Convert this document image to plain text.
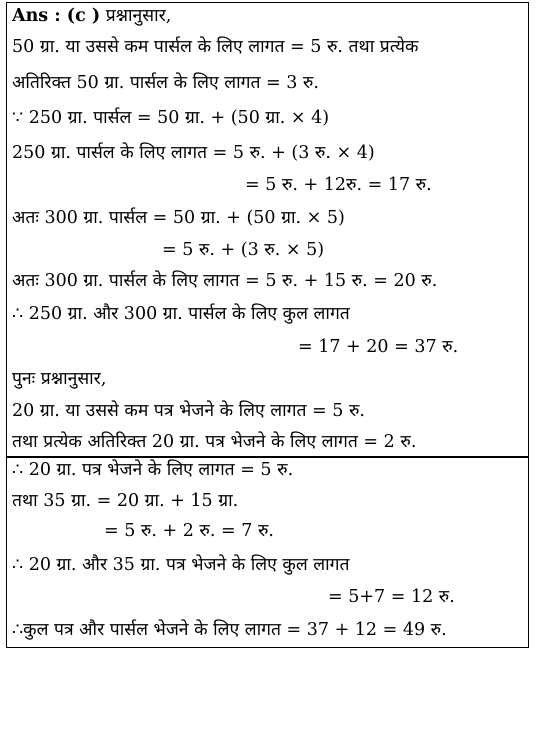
Ans : (c ) प्रश्नानुसार,
50 ग्रा. या उससे कम पार्सल के लिए लागत = 5 रु. तथा प्रत्येक
अतिरिक्त 50 ग्रा. पार्सल के लिए लागत = 3 रु.
∵ 250 ग्रा. पार्सल = 50 ग्रा. + (50 ग्रा. × 4)
250 ग्रा. पार्सल के लिए लागत = 5 रु. + (3 रु. × 4)
= 5 रु. + 12रु. = 17 रु.
अतः 300 ग्रा. पार्सल = 50 ग्रा. + (50 ग्रा. × 5)
= 5 रु. + (3 रु. × 5)
अतः 300 ग्रा. पार्सल के लिए लागत = 5 रु. + 15 रु. = 20 रु.
∴ 250 ग्रा. और 300 ग्रा. पार्सल के लिए कुल लागत
= 17 + 20 = 37 रु.
पुनः प्रश्नानुसार,
20 ग्रा. या उससे कम पत्र भेजने के लिए लागत = 5 रु.
तथा प्रत्येक अतिरिक्त 20 ग्रा. पत्र भेजने के लिए लागत = 2 रु.
∴ 20 ग्रा. पत्र भेजने के लिए लागत = 5 रु.
तथा 35 ग्रा. = 20 ग्रा. + 15 ग्रा.
= 5 रु. + 2 रु. = 7 रु.
∴ 20 ग्रा. और 35 ग्रा. पत्र भेजने के लिए कुल लागत
= 5+7 = 12 रु.
∴कुल पत्र और पार्सल भेजने के लिए लागत = 37 + 12 = 49 रु.
